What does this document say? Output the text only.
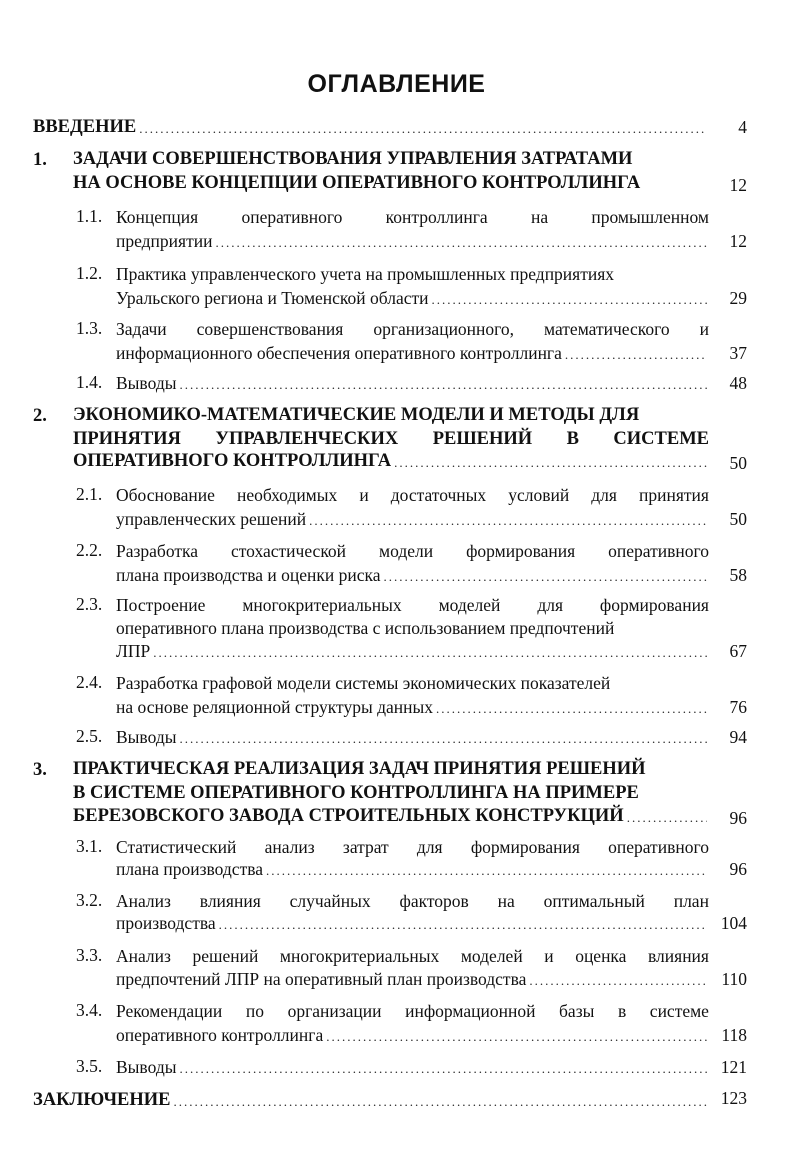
ОГЛАВЛЕНИЕ
ВВЕДЕНИЕ .....	4
1. ЗАДАЧИ СОВЕРШЕНСТВОВАНИЯ УПРАВЛЕНИЯ ЗАТРАТАМИ
НА ОСНОВЕ КОНЦЕПЦИИ ОПЕРАТИВНОГО КОНТРОЛЛИНГА	12
1.1. Концепция оперативного контроллинга на промышленном
предприятии .....	12
1.2. Практика управленческого учета на промышленных предприятиях
Уральского региона и Тюменской области .....	29
1.3. Задачи совершенствования организационного, математического и
информационного обеспечения оперативного контроллинга .....	37
1.4. Выводы .....	48
2. ЭКОНОМИКО-МАТЕМАТИЧЕСКИЕ МОДЕЛИ И МЕТОДЫ ДЛЯ
ПРИНЯТИЯ УПРАВЛЕНЧЕСКИХ РЕШЕНИЙ В СИСТЕМЕ
ОПЕРАТИВНОГО КОНТРОЛЛИНГА .....	50
2.1. Обоснование необходимых и достаточных условий для принятия
управленческих решений .....	50
2.2. Разработка стохастической модели формирования оперативного
плана производства и оценки риска .....	58
2.3. Построение многокритериальных моделей для формирования
оперативного плана производства с использованием предпочтений
ЛПР .....	67
2.4. Разработка графовой модели системы экономических показателей
на основе реляционной структуры данных .....	76
2.5. Выводы .....	94
3. ПРАКТИЧЕСКАЯ РЕАЛИЗАЦИЯ ЗАДАЧ ПРИНЯТИЯ РЕШЕНИЙ
В СИСТЕМЕ ОПЕРАТИВНОГО КОНТРОЛЛИНГА НА ПРИМЕРЕ
БЕРЕЗОВСКОГО ЗАВОДА СТРОИТЕЛЬНЫХ КОНСТРУКЦИЙ .....	96
3.1. Статистический анализ затрат для формирования оперативного
плана производства .....	96
3.2. Анализ влияния случайных факторов на оптимальный план
производства .....	104
3.3. Анализ решений многокритериальных моделей и оценка влияния
предпочтений ЛПР на оперативный план производства .....	110
3.4. Рекомендации по организации информационной базы в системе
оперативного контроллинга .....	118
3.5. Выводы .....	121
ЗАКЛЮЧЕНИЕ .....	123
